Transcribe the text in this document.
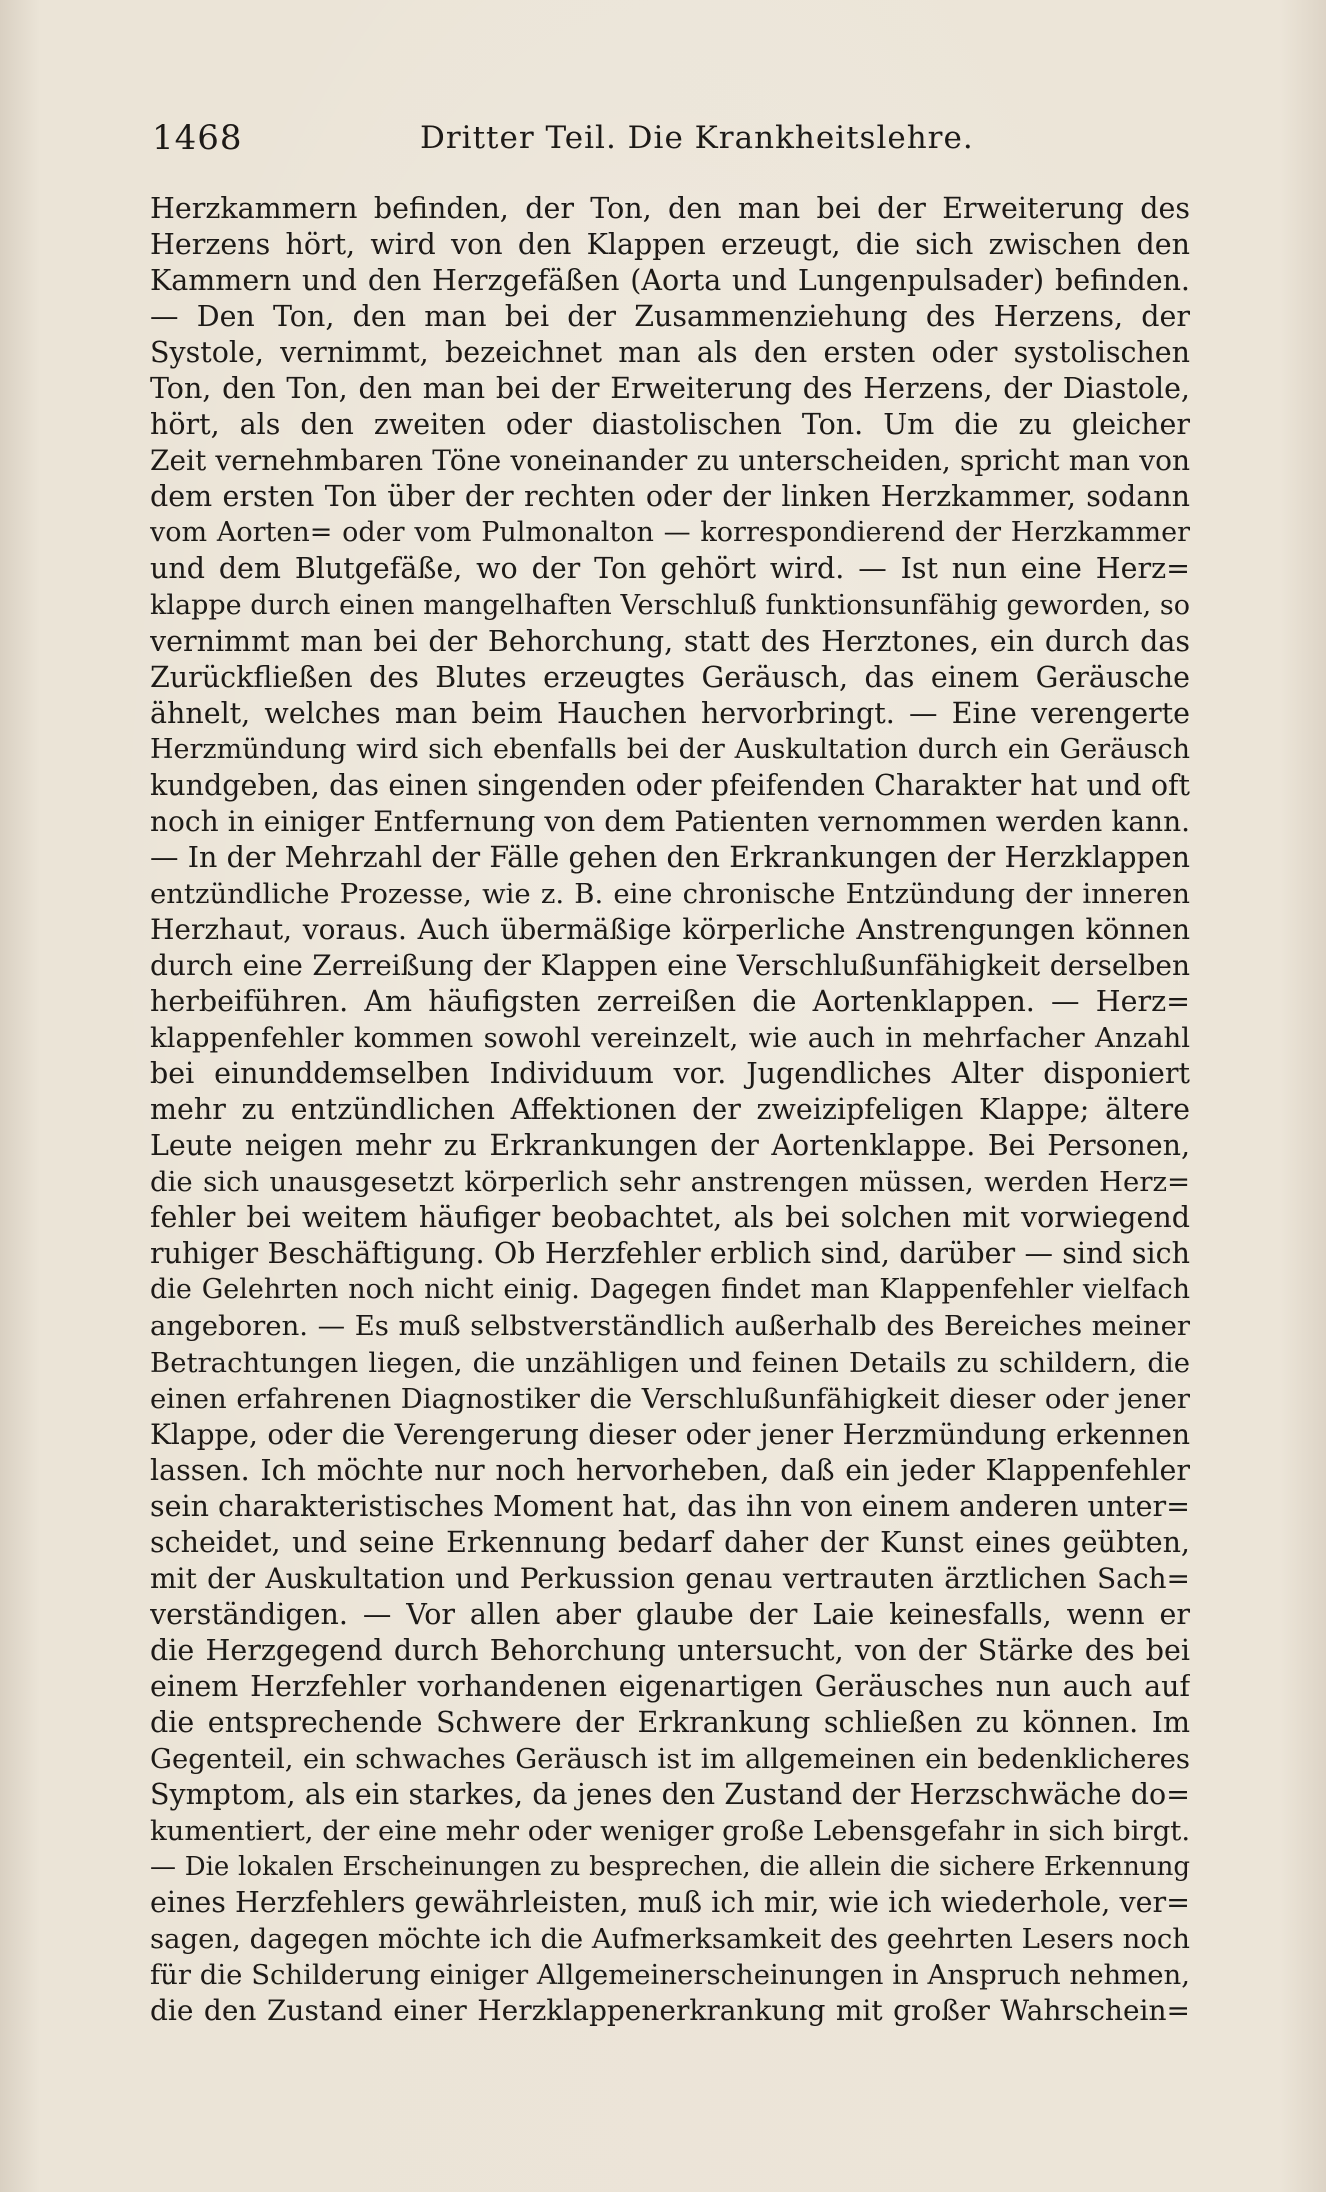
1468	Dritter Teil. Die Krankheitslehre.
Herzkammern befinden, der Ton, den man bei der Erweiterung des
Herzens hört, wird von den Klappen erzeugt, die sich zwischen den
Kammern und den Herzgefäßen (Aorta und Lungenpulsader) befinden.
— Den Ton, den man bei der Zusammenziehung des Herzens, der
Systole, vernimmt, bezeichnet man als den ersten oder systolischen
Ton, den Ton, den man bei der Erweiterung des Herzens, der Diastole,
hört, als den zweiten oder diastolischen Ton. Um die zu gleicher
Zeit vernehmbaren Töne voneinander zu unterscheiden, spricht man von
dem ersten Ton über der rechten oder der linken Herzkammer, sodann
vom Aorten= oder vom Pulmonalton — korrespondierend der Herzkammer
und dem Blutgefäße, wo der Ton gehört wird. — Ist nun eine Herz=
klappe durch einen mangelhaften Verschluß funktionsunfähig geworden, so
vernimmt man bei der Behorchung, statt des Herztones, ein durch das
Zurückfließen des Blutes erzeugtes Geräusch, das einem Geräusche
ähnelt, welches man beim Hauchen hervorbringt. — Eine verengerte
Herzmündung wird sich ebenfalls bei der Auskultation durch ein Geräusch
kundgeben, das einen singenden oder pfeifenden Charakter hat und oft
noch in einiger Entfernung von dem Patienten vernommen werden kann.
— In der Mehrzahl der Fälle gehen den Erkrankungen der Herzklappen
entzündliche Prozesse, wie z. B. eine chronische Entzündung der inneren
Herzhaut, voraus. Auch übermäßige körperliche Anstrengungen können
durch eine Zerreißung der Klappen eine Verschlußunfähigkeit derselben
herbeiführen. Am häufigsten zerreißen die Aortenklappen. — Herz=
klappenfehler kommen sowohl vereinzelt, wie auch in mehrfacher Anzahl
bei einunddemselben Individuum vor. Jugendliches Alter disponiert
mehr zu entzündlichen Affektionen der zweizipfeligen Klappe; ältere
Leute neigen mehr zu Erkrankungen der Aortenklappe. Bei Personen,
die sich unausgesetzt körperlich sehr anstrengen müssen, werden Herz=
fehler bei weitem häufiger beobachtet, als bei solchen mit vorwiegend
ruhiger Beschäftigung. Ob Herzfehler erblich sind, darüber — sind sich
die Gelehrten noch nicht einig. Dagegen findet man Klappenfehler vielfach
angeboren. — Es muß selbstverständlich außerhalb des Bereiches meiner
Betrachtungen liegen, die unzähligen und feinen Details zu schildern, die
einen erfahrenen Diagnostiker die Verschlußunfähigkeit dieser oder jener
Klappe, oder die Verengerung dieser oder jener Herzmündung erkennen
lassen. Ich möchte nur noch hervorheben, daß ein jeder Klappenfehler
sein charakteristisches Moment hat, das ihn von einem anderen unter=
scheidet, und seine Erkennung bedarf daher der Kunst eines geübten,
mit der Auskultation und Perkussion genau vertrauten ärztlichen Sach=
verständigen. — Vor allen aber glaube der Laie keinesfalls, wenn er
die Herzgegend durch Behorchung untersucht, von der Stärke des bei
einem Herzfehler vorhandenen eigenartigen Geräusches nun auch auf
die entsprechende Schwere der Erkrankung schließen zu können. Im
Gegenteil, ein schwaches Geräusch ist im allgemeinen ein bedenklicheres
Symptom, als ein starkes, da jenes den Zustand der Herzschwäche do=
kumentiert, der eine mehr oder weniger große Lebensgefahr in sich birgt.
— Die lokalen Erscheinungen zu besprechen, die allein die sichere Erkennung
eines Herzfehlers gewährleisten, muß ich mir, wie ich wiederhole, ver=
sagen, dagegen möchte ich die Aufmerksamkeit des geehrten Lesers noch
für die Schilderung einiger Allgemeinerscheinungen in Anspruch nehmen,
die den Zustand einer Herzklappenerkrankung mit großer Wahrschein=
